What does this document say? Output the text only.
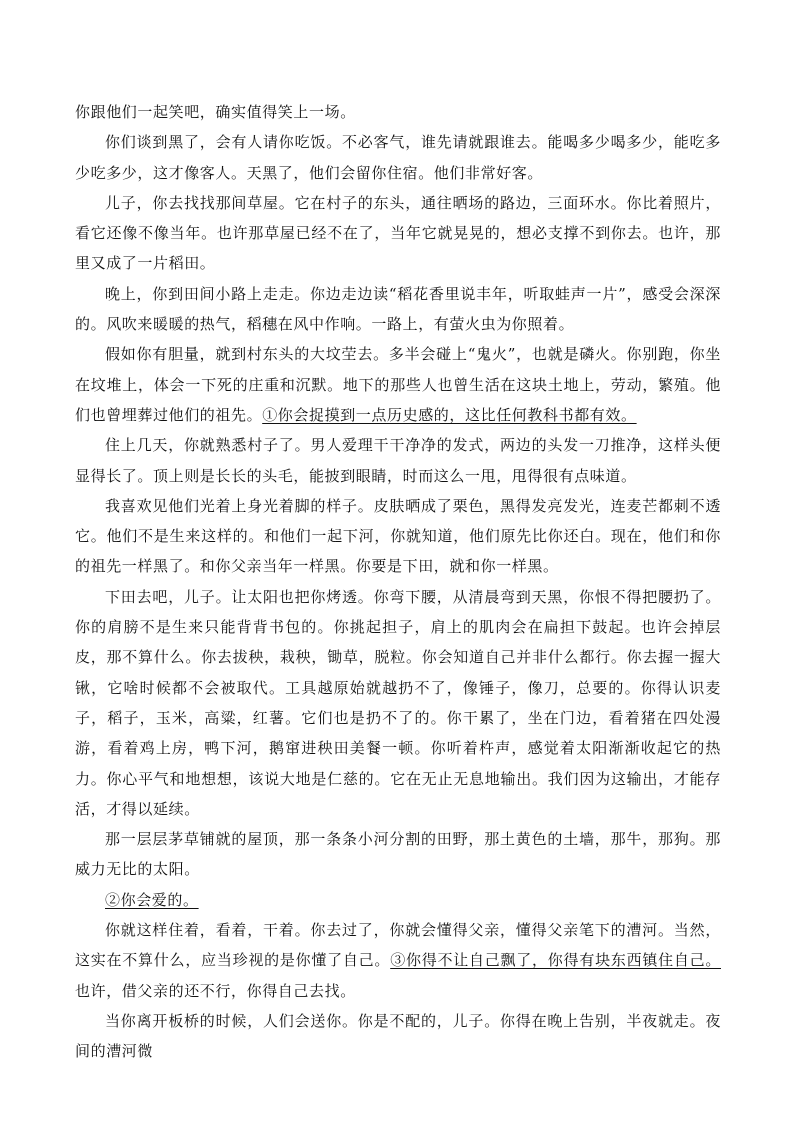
你跟他们一起笑吧，确实值得笑上一场。

你们谈到黑了，会有人请你吃饭。不必客气，谁先请就跟谁去。能喝多少喝多少，能吃多少吃多少，这才像客人。天黑了，他们会留你住宿。他们非常好客。

儿子，你去找找那间草屋。它在村子的东头，通往晒场的路边，三面环水。你比着照片，看它还像不像当年。也许那草屋已经不在了，当年它就晃晃的，想必支撑不到你去。也许，那里又成了一片稻田。

晚上，你到田间小路上走走。你边走边读“稻花香里说丰年，听取蛙声一片”，感受会深深的。风吹来暖暖的热气，稻穗在风中作响。一路上，有萤火虫为你照着。

假如你有胆量，就到村东头的大坟茔去。多半会碰上“鬼火”，也就是磷火。你别跑，你坐在坟堆上，体会一下死的庄重和沉默。地下的那些人也曾生活在这块土地上，劳动，繁殖。他们也曾埋葬过他们的祖先。①你会捉摸到一点历史感的，这比任何教科书都有效。

住上几天，你就熟悉村子了。男人爱理干干净净的发式，两边的头发一刀推净，这样头便显得长了。顶上则是长长的头毛，能披到眼睛，时而这么一甩，甩得很有点味道。

我喜欢见他们光着上身光着脚的样子。皮肤晒成了栗色，黑得发亮发光，连麦芒都刺不透它。他们不是生来这样的。和他们一起下河，你就知道，他们原先比你还白。现在，他们和你的祖先一样黑了。和你父亲当年一样黑。你要是下田，就和你一样黑。

下田去吧，儿子。让太阳也把你烤透。你弯下腰，从清晨弯到天黑，你恨不得把腰扔了。你的肩膀不是生来只能背背书包的。你挑起担子，肩上的肌肉会在扁担下鼓起。也许会掉层皮，那不算什么。你去拔秧，栽秧，锄草，脱粒。你会知道自己并非什么都行。你去握一握大锹，它啥时候都不会被取代。工具越原始就越扔不了，像锤子，像刀，总要的。你得认识麦子，稻子，玉米，高粱，红薯。它们也是扔不了的。你干累了，坐在门边，看着猪在四处漫游，看着鸡上房，鸭下河，鹅窜进秧田美餐一顿。你听着杵声，感觉着太阳渐渐收起它的热力。你心平气和地想想，该说大地是仁慈的。它在无止无息地输出。我们因为这输出，才能存活，才得以延续。

那一层层茅草铺就的屋顶，那一条条小河分割的田野，那土黄色的土墙，那牛，那狗。那威力无比的太阳。

②你会爱的。

你就这样住着，看着，干着。你去过了，你就会懂得父亲，懂得父亲笔下的漕河。当然，这实在不算什么，应当珍视的是你懂了自己。③你得不让自己飘了，你得有块东西镇住自己。也许，借父亲的还不行，你得自己去找。

当你离开板桥的时候，人们会送你。你是不配的，儿子。你得在晚上告别，半夜就走。夜间的漕河微
